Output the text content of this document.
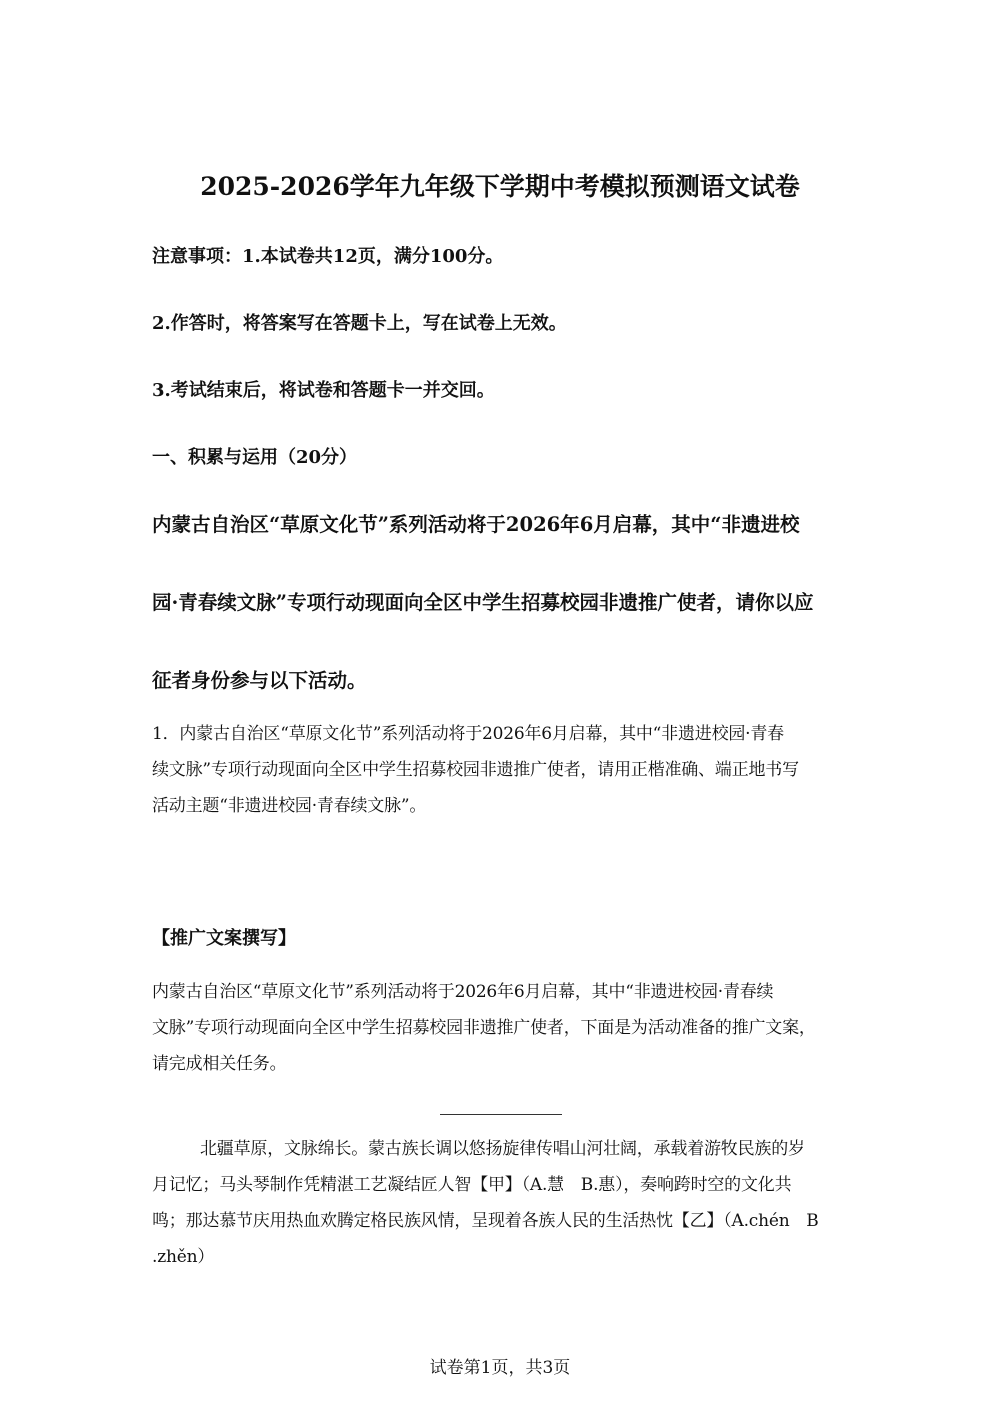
2025-2026学年九年级下学期中考模拟预测语文试卷
注意事项：1.本试卷共12页，满分100分。
2.作答时，将答案写在答题卡上，写在试卷上无效。
3.考试结束后，将试卷和答题卡一并交回。
一、积累与运用（20分）
内蒙古自治区“草原文化节”系列活动将于2026年6月启幕，其中“非遗进校
园·青春续文脉”专项行动现面向全区中学生招募校园非遗推广使者，请你以应
征者身份参与以下活动。
1．内蒙古自治区“草原文化节”系列活动将于2026年6月启幕，其中“非遗进校园·青春
续文脉”专项行动现面向全区中学生招募校园非遗推广使者，请用正楷准确、端正地书写
活动主题“非遗进校园·青春续文脉”。
【推广文案撰写】
内蒙古自治区“草原文化节”系列活动将于2026年6月启幕，其中“非遗进校园·青春续
文脉”专项行动现面向全区中学生招募校园非遗推广使者，下面是为活动准备的推广文案，
请完成相关任务。
北疆草原，文脉绵长。蒙古族长调以悠扬旋律传唱山河壮阔，承载着游牧民族的岁
月记忆；马头琴制作凭精湛工艺凝结匠人智【甲】（A.慧　B.惠），奏响跨时空的文化共
鸣；那达慕节庆用热血欢腾定格民族风情，呈现着各族人民的生活热忱【乙】（A.chén　B
.zhěn）
试卷第1页，共3页
